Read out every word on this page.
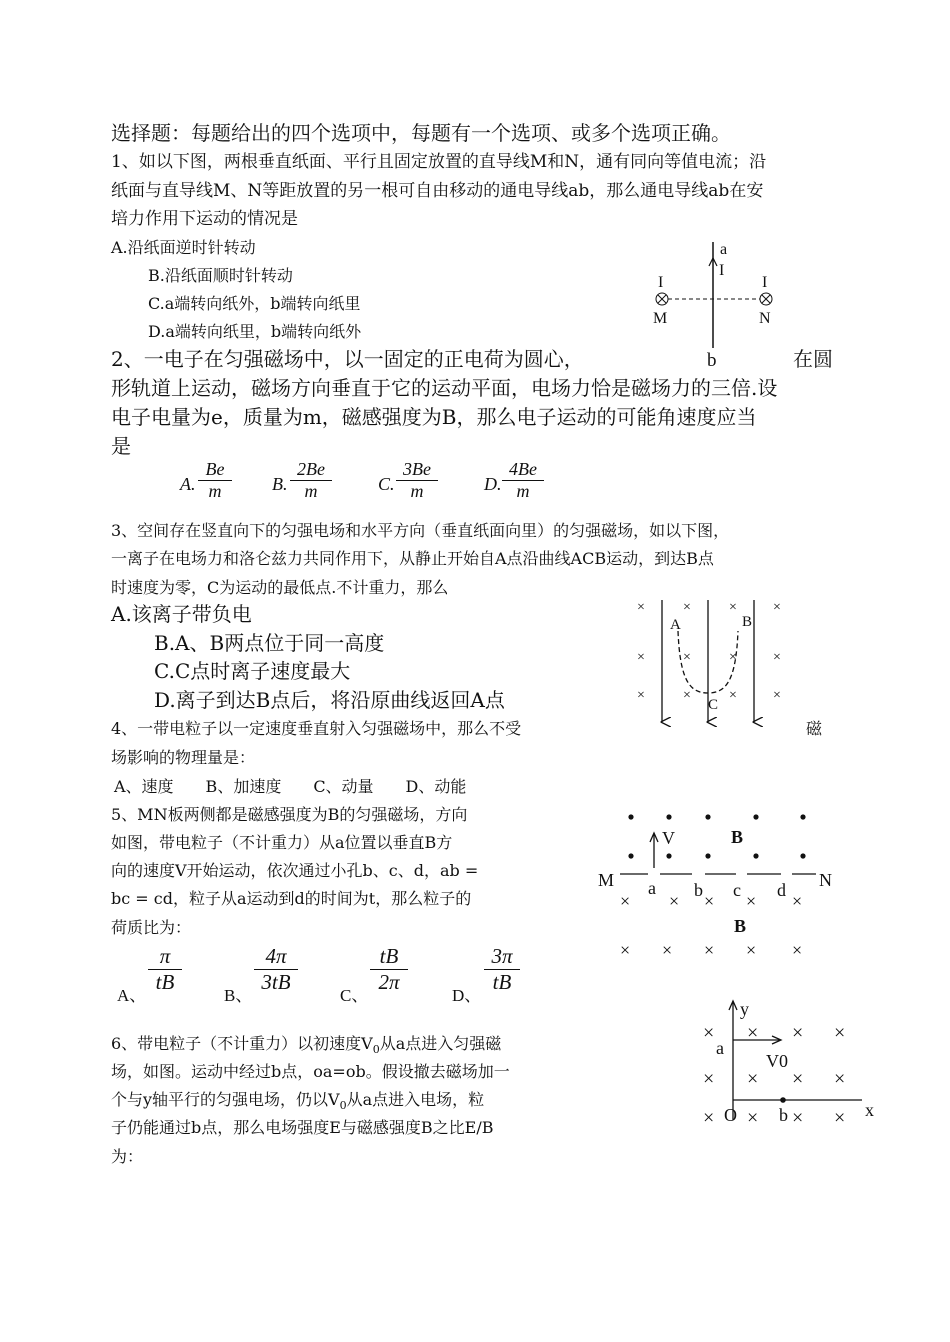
选择题：每题给出的四个选项中，每题有一个选项、或多个选项正确。
1、如以下图，两根垂直纸面、平行且固定放置的直导线M和N，通有同向等值电流；沿
纸面与直导线M、N等距放置的另一根可自由移动的通电导线ab，那么通电导线ab在安
培力作用下运动的情况是
A.沿纸面逆时针转动
B.沿纸面顺时针转动
C.a端转向纸外，b端转向纸里
D.a端转向纸里，b端转向纸外
a
I
I	I
M	N
b
2、一电子在匀强磁场中，以一固定的正电荷为圆心，	在圆
形轨道上运动，磁场方向垂直于它的运动平面，电场力恰是磁场力的三倍.设
电子电量为e，质量为m，磁感强度为B，那么电子运动的可能角速度应当
是
A. $\frac{Be}{m} B$. $\frac{2Be}{m}$	C. $\frac{3Be}{m}$	D. $\frac{4Be}{m}$
3、空间存在竖直向下的匀强电场和水平方向（垂直纸面向里）的匀强磁场，如以下图，
一离子在电场力和洛仑兹力共同作用下，从静止开始自A点沿曲线ACB运动，到达B点
时速度为零，C为运动的最低点.不计重力，那么
A.该离子带负电
B.A、B两点位于同一高度
C.C点时离子速度最大
D.离子到达B点后，将沿原曲线返回A点
×	×	×	×
×	×	×	×
×	×	×	×
A	B
C
4、一带电粒子以一定速度垂直射入匀强磁场中，那么不受	磁
场影响的物理量是：
A、速度　　B、加速度　　C、动量　　D、动能
5、MN板两侧都是磁感强度为B的匀强磁场，方向
如图，带电粒子（不计重力）从a位置以垂直B方
向的速度V开始运动，依次通过小孔b、c、d，ab =
bc = cd，粒子从a运动到d的时间为t，那么粒子的
荷质比为：
A、
$\frac{\pi}{tB}$
B、
$\frac{4\pi}{3tB}$
C、
$\frac{tB}{2\pi}$
D、
$\frac{3\pi}{tB}$
× × × × ×
× × × × ×
V	B
B
M	N
a b c d
6、带电粒子（不计重力）以初速度$V_0$从a点进入匀强磁
场，如图。运动中经过b点，oa=ob。假设撤去磁场加一
个与y轴平行的匀强电场，仍以$V_0$从a点进入电场，粒
子仍能通过b点，那么电场强度E与磁感强度B之比E/B
为：
× × × ×
× × × ×
× × × ×
y
x
a
V0
O b
